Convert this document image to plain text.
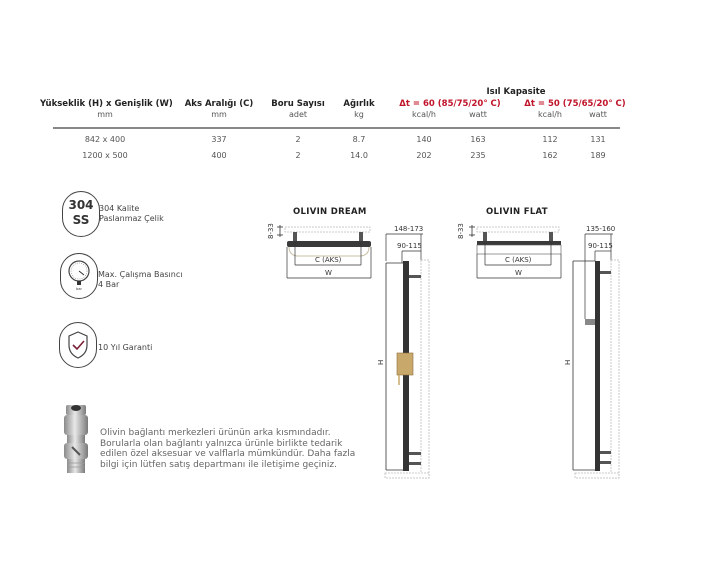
Isıl Kapasite
Yükseklik (H) x Genişlik (W)
mm
Aks Aralığı (C)
mm
Boru Sayısı
adet
Ağırlık
kg
Δt = 60 (85/75/20° C)
kcal/h	watt
Δt = 50 (75/65/20° C)
kcal/h	watt
842 x 400	337	2	8.7	140	163	112	131
1200 x 500	400	2	14.0	202	235	162	189
304
SS
304 Kalite
Paslanmaz Çelik
bar
Max. Çalışma Basıncı
4 Bar
10 Yıl Garanti
Olivin bağlantı merkezleri ürünün arka kısmındadır.
Borularla olan bağlantı yalnızca ürünle birlikte tedarik
edilen özel aksesuar ve valflarla mümkündür. Daha fazla
bilgi için lütfen satış departmanı ile iletişime geçiniz.
OLIVIN DREAM
8-33
C (AKS)
W
148-173
90-115
H
OLIVIN FLAT
8-33
C (AKS)
W
135-160
90-115
H
